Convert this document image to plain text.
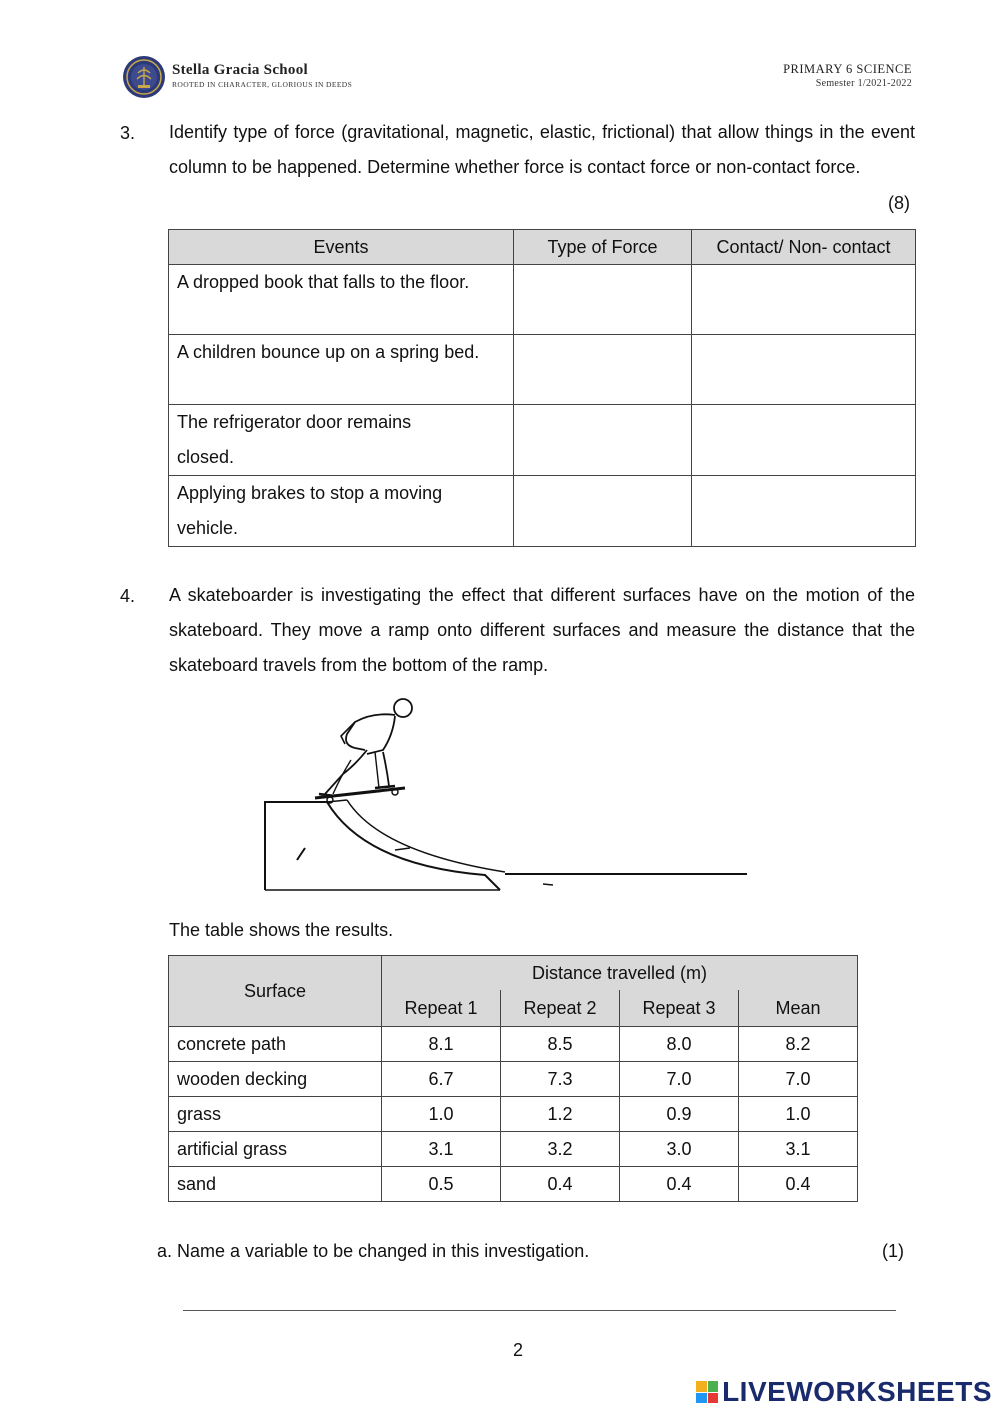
Stella Gracia School
ROOTED IN CHARACTER, GLORIOUS IN DEEDS
PRIMARY 6 SCIENCE
Semester 1/2021-2022
3. Identify type of force (gravitational, magnetic, elastic, frictional) that allow things in the event column to be happened. Determine whether force is contact force or non-contact force.
(8)
Events	Type of Force	Contact/ Non- contact
A dropped book that falls to the floor.		
A children bounce up on a spring bed.		
The refrigerator door remains closed.		
Applying brakes to stop a moving vehicle.		
4. A skateboarder is investigating the effect that different surfaces have on the motion of the skateboard. They move a ramp onto different surfaces and measure the distance that the skateboard travels from the bottom of the ramp.
The table shows the results.
Surface	Distance travelled (m)			
	Repeat 1	Repeat 2	Repeat 3	Mean
concrete path	8.1	8.5	8.0	8.2
wooden decking	6.7	7.3	7.0	7.0
grass	1.0	1.2	0.9	1.0
artificial grass	3.1	3.2	3.0	3.1
sand	0.5	0.4	0.4	0.4
a. Name a variable to be changed in this investigation.	(1)
2
LIVEWORKSHEETS
